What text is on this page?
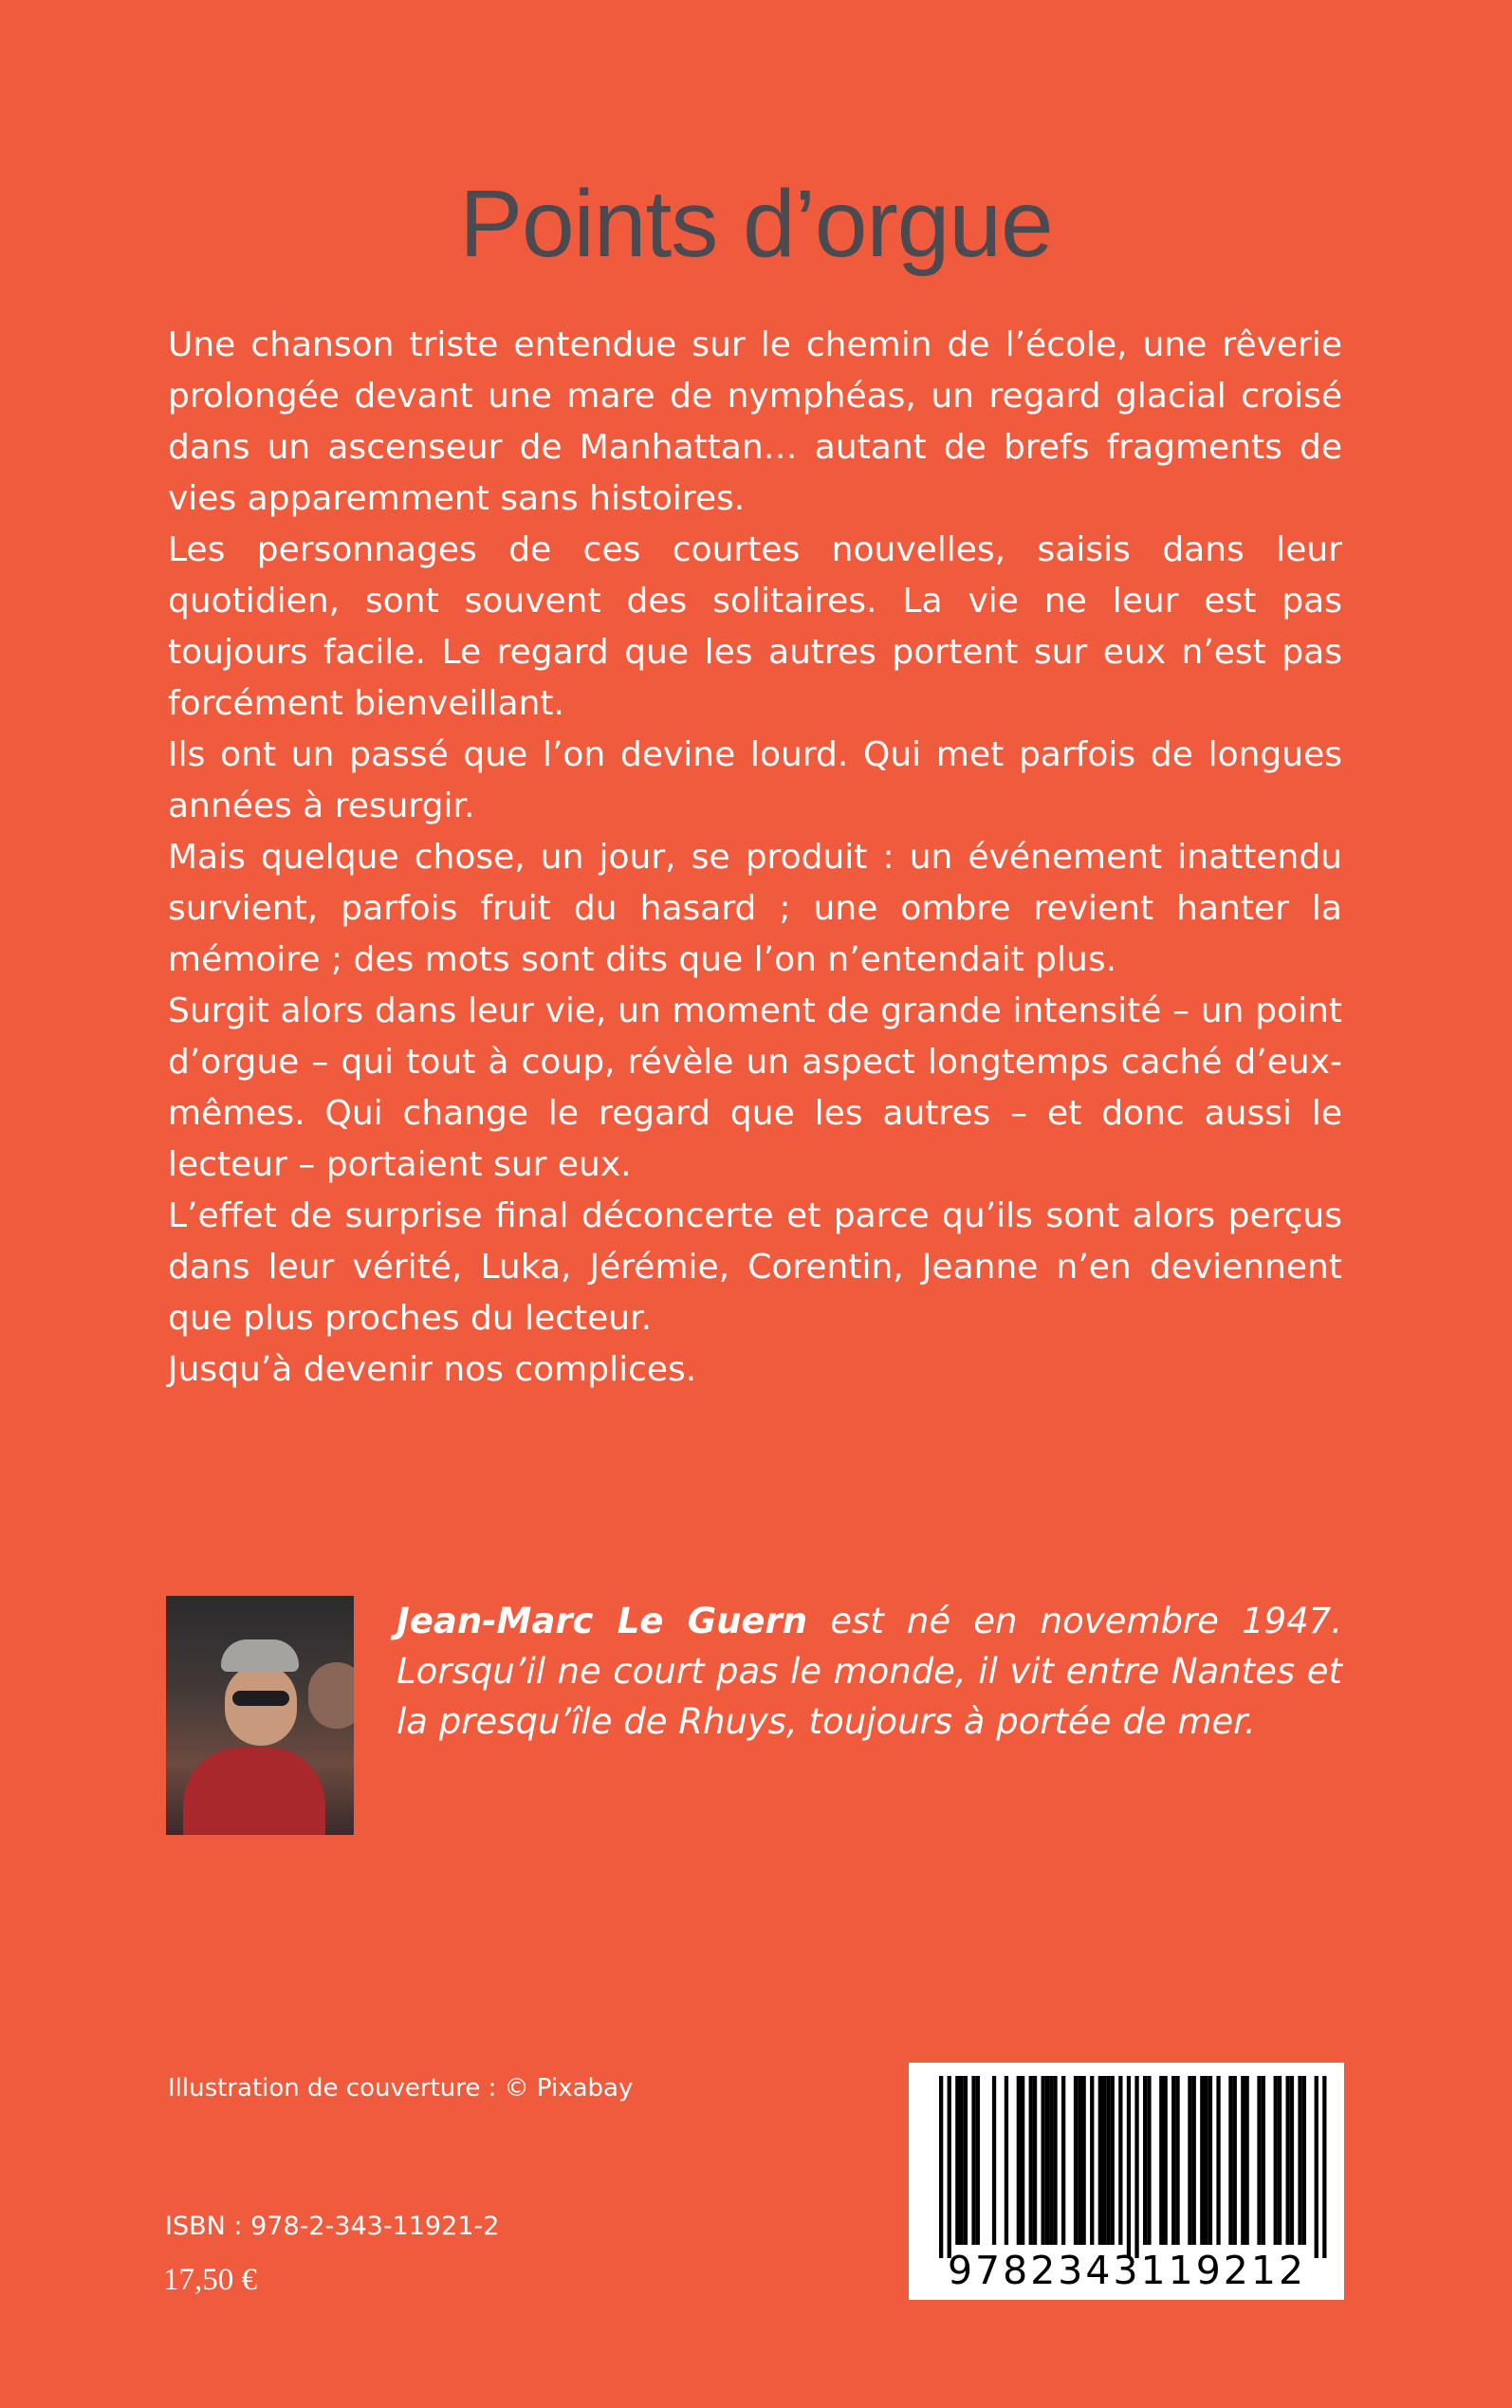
Points d’orgue

Une chanson triste entendue sur le chemin de l’école, une rêverie prolongée devant une mare de nymphéas, un regard glacial croisé dans un ascenseur de Manhattan… autant de brefs fragments de vies apparemment sans histoires.

Les personnages de ces courtes nouvelles, saisis dans leur quotidien, sont souvent des solitaires. La vie ne leur est pas toujours facile. Le regard que les autres portent sur eux n’est pas forcément bienveillant.

Ils ont un passé que l’on devine lourd. Qui met parfois de longues années à resurgir.

Mais quelque chose, un jour, se produit : un événement inattendu survient, parfois fruit du hasard ; une ombre revient hanter la mémoire ; des mots sont dits que l’on n’entendait plus.

Surgit alors dans leur vie, un moment de grande intensité – un point d’orgue – qui tout à coup, révèle un aspect longtemps caché d’eux-mêmes. Qui change le regard que les autres – et donc aussi le lecteur – portaient sur eux.

L’effet de surprise final déconcerte et parce qu’ils sont alors perçus dans leur vérité, Luka, Jérémie, Corentin, Jeanne n’en deviennent que plus proches du lecteur.

Jusqu’à devenir nos complices.

Jean-Marc Le Guern est né en novembre 1947. Lorsqu’il ne court pas le monde, il vit entre Nantes et la presqu’île de Rhuys, toujours à portée de mer.

Illustration de couverture : © Pixabay

ISBN : 978-2-343-11921-2

17,50 €	9782343119212
